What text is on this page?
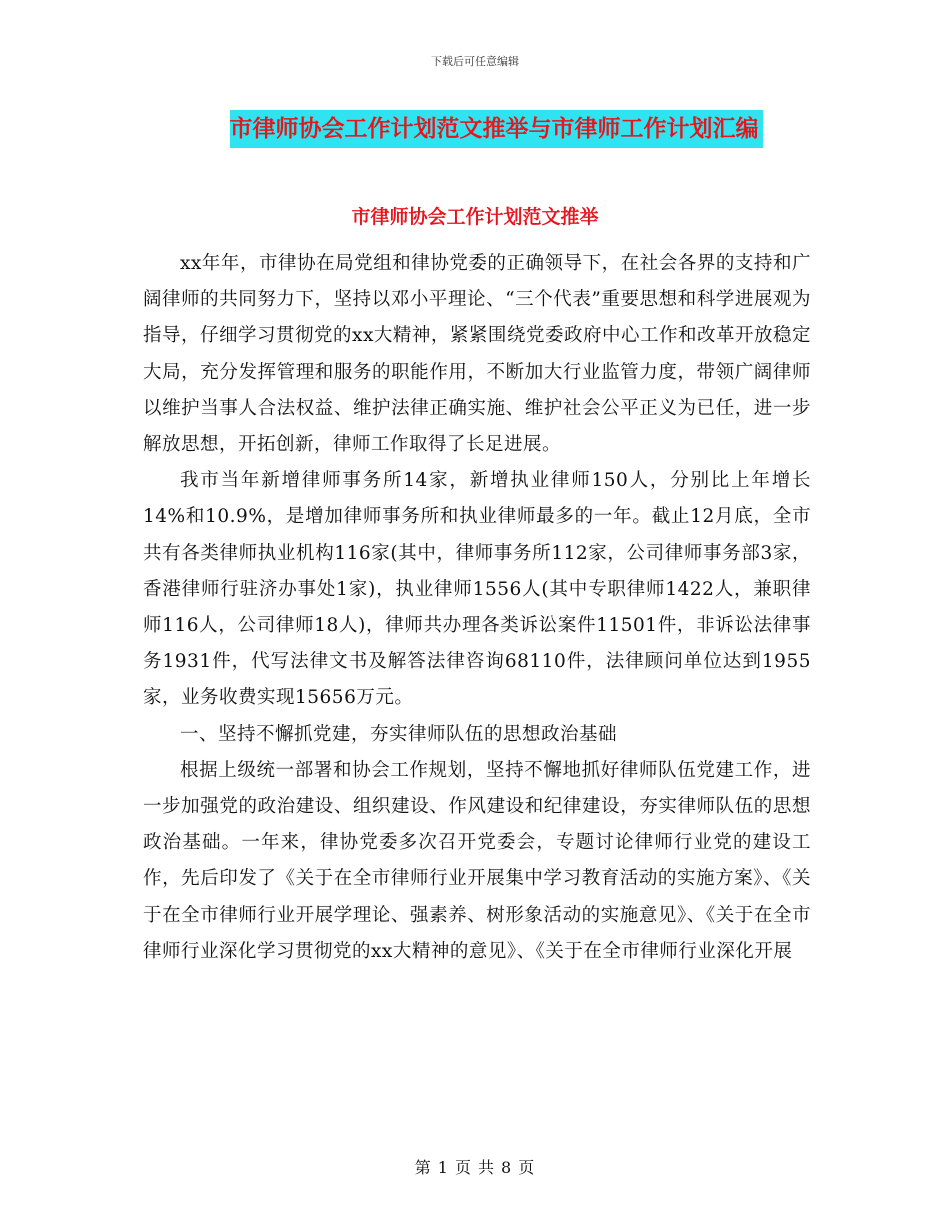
下载后可任意编辑
市律师协会工作计划范文推举与市律师工作计划汇编
市律师协会工作计划范文推举

xx年年，市律协在局党组和律协党委的正确领导下，在社会各界的支持和广阔律师的共同努力下，坚持以邓小平理论、“三个代表”重要思想和科学进展观为指导，仔细学习贯彻党的xx大精神，紧紧围绕党委政府中心工作和改革开放稳定大局，充分发挥管理和服务的职能作用，不断加大行业监管力度，带领广阔律师以维护当事人合法权益、维护法律正确实施、维护社会公平正义为已任，进一步解放思想，开拓创新，律师工作取得了长足进展。

我市当年新增律师事务所14家，新增执业律师150人，分别比上年增长14%和10.9%，是增加律师事务所和执业律师最多的一年。截止12月底，全市共有各类律师执业机构116家(其中，律师事务所112家，公司律师事务部3家，香港律师行驻济办事处1家)，执业律师1556人(其中专职律师1422人，兼职律师116人，公司律师18人)，律师共办理各类诉讼案件11501件，非诉讼法律事务1931件，代写法律文书及解答法律咨询68110件，法律顾问单位达到1955家，业务收费实现15656万元。

一、坚持不懈抓党建，夯实律师队伍的思想政治基础

根据上级统一部署和协会工作规划，坚持不懈地抓好律师队伍党建工作，进一步加强党的政治建设、组织建设、作风建设和纪律建设，夯实律师队伍的思想政治基础。一年来，律协党委多次召开党委会，专题讨论律师行业党的建设工作，先后印发了《关于在全市律师行业开展集中学习教育活动的实施方案》、《关于在全市律师行业开展学理论、强素养、树形象活动的实施意见》、《关于在全市律师行业深化学习贯彻党的xx大精神的意见》、《关于在全市律师行业深化开展

第 1 页 共 8 页
